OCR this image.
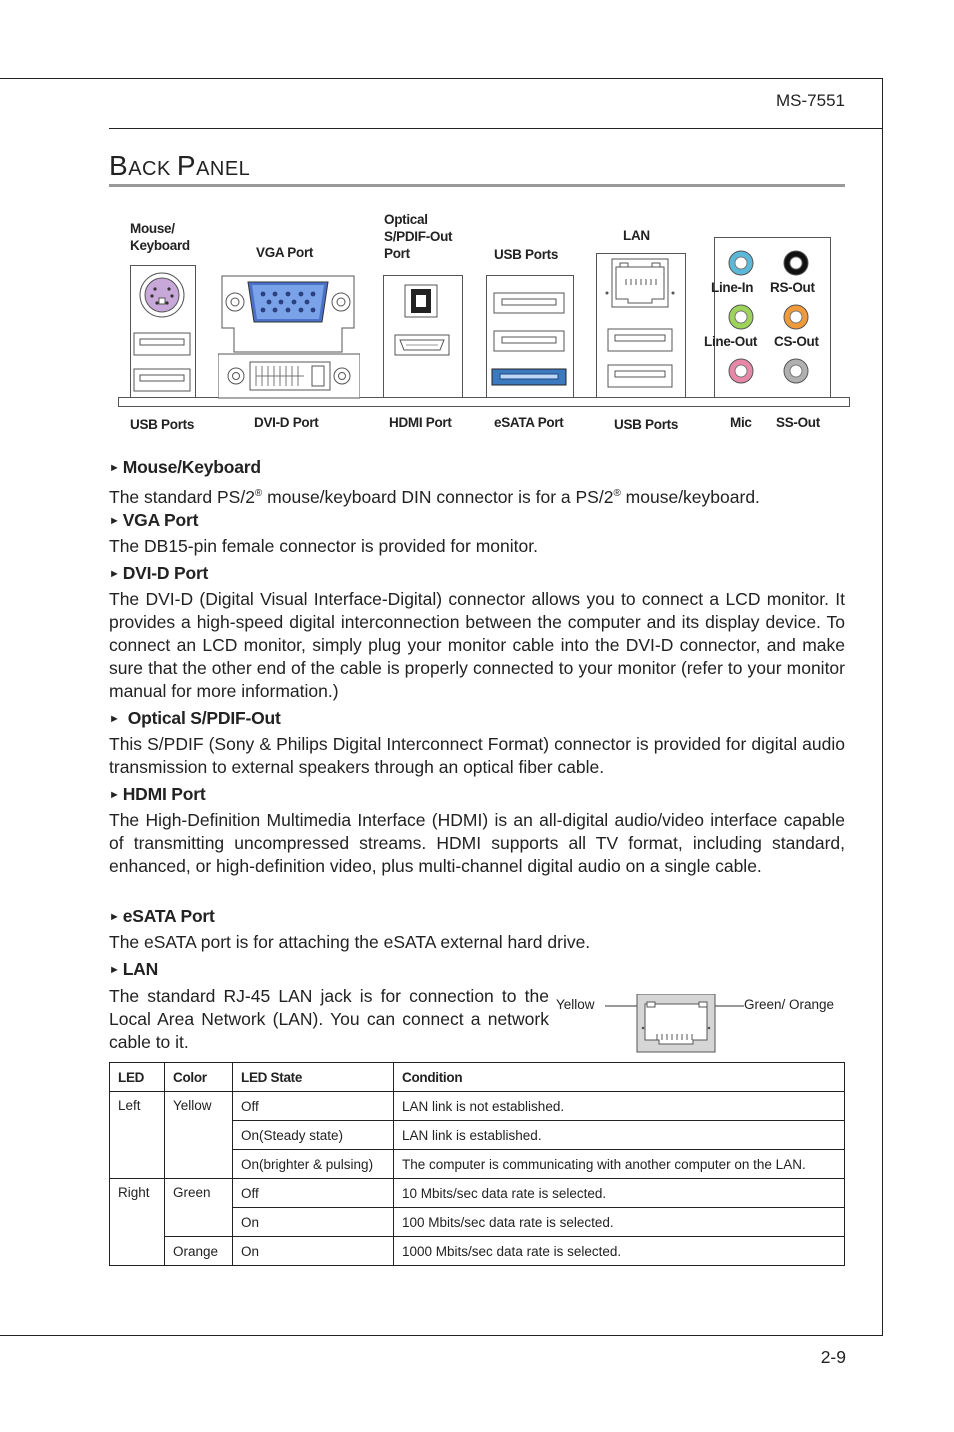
MS-7551
BACK PANEL
Mouse/
Keyboard	VGA Port
Optical
S/PDIF-Out
Port	USB Ports
LAN
Line-In RS-Out
Line-Out CS-Out
USB Ports	DVI-D Port	HDMI Port	eSATA Port	USB Ports	Mic SS-Out
► Mouse/Keyboard
The standard PS/2® mouse/keyboard DIN connector is for a PS/2® mouse/keyboard.
► VGA Port
The DB15-pin female connector is provided for monitor.
► DVI-D Port
The DVI-D (Digital Visual Interface-Digital) connector allows you to connect a LCD monitor. It provides a high-speed digital interconnection between the computer and its display device. To connect an LCD monitor, simply plug your monitor cable into the DVI-D connector, and make sure that the other end of the cable is properly connected to your monitor (refer to your monitor manual for more information.)
► Optical S/PDIF-Out
This S/PDIF (Sony & Philips Digital Interconnect Format) connector is provided for digital audio transmission to external speakers through an optical fiber cable.
► HDMI Port
The High-Definition Multimedia Interface (HDMI) is an all-digital audio/video interface capable of transmitting uncompressed streams. HDMI supports all TV format, including standard, enhanced, or high-definition video, plus multi-channel digital audio on a single cable.
► eSATA Port
The eSATA port is for attaching the eSATA external hard drive.
► LAN
The standard RJ-45 LAN jack is for connection to the Local Area Network (LAN). You can connect a network cable to it.
Yellow	Green/ Orange
LED	Color	LED State	Condition
Left	Yellow	Off	LAN link is not established.
		On(Steady state)	LAN link is established.
		On(brighter & pulsing)	The computer is communicating with another computer on the LAN.
Right	Green	Off	10 Mbits/sec data rate is selected.
		On	100 Mbits/sec data rate is selected.
	Orange	On	1000 Mbits/sec data rate is selected.
2-9
